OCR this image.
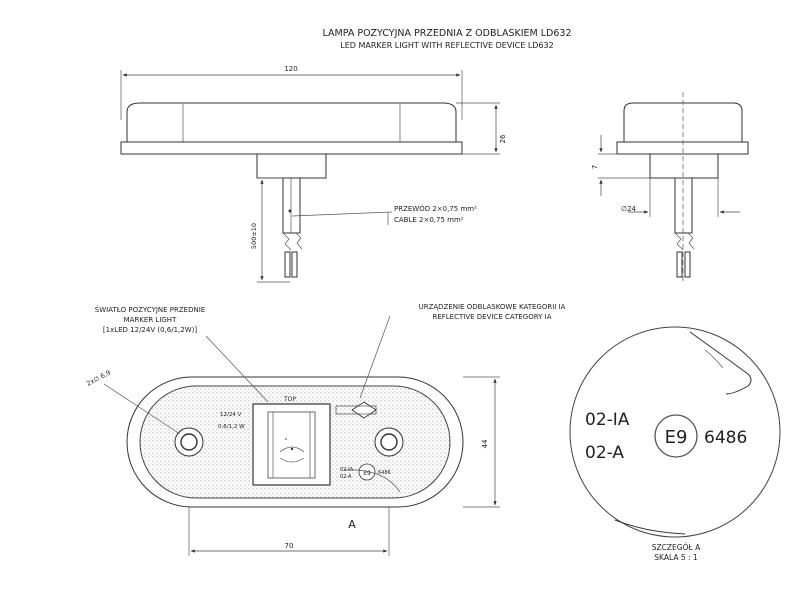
LAMPA POZYCYJNA PRZEDNIA Z ODBLASKIEM LD632
LED MARKER LIGHT WITH REFLECTIVE DEVICE LD632
120
26
500±10
PRZEWÓD 2×0,75 mm²
CABLE 2×0,75 mm²
7
∅24
TOP
12/24 V
0,6/1,2 W
02-IA
02-A E9 6486
44
70
2x∅ 6,9
ŚWIATŁO POZYCYJNE PRZEDNIE
MARKER LIGHT
[1xLED 12/24V (0,6/1,2W)]
URZĄDZENIE ODBLASKOWE KATEGORII IA
REFLECTIVE DEVICE CATEGORY IA
A
02-IA
02-A
E9 6486
SZCZEGÓŁ A
SKALA 5 : 1
